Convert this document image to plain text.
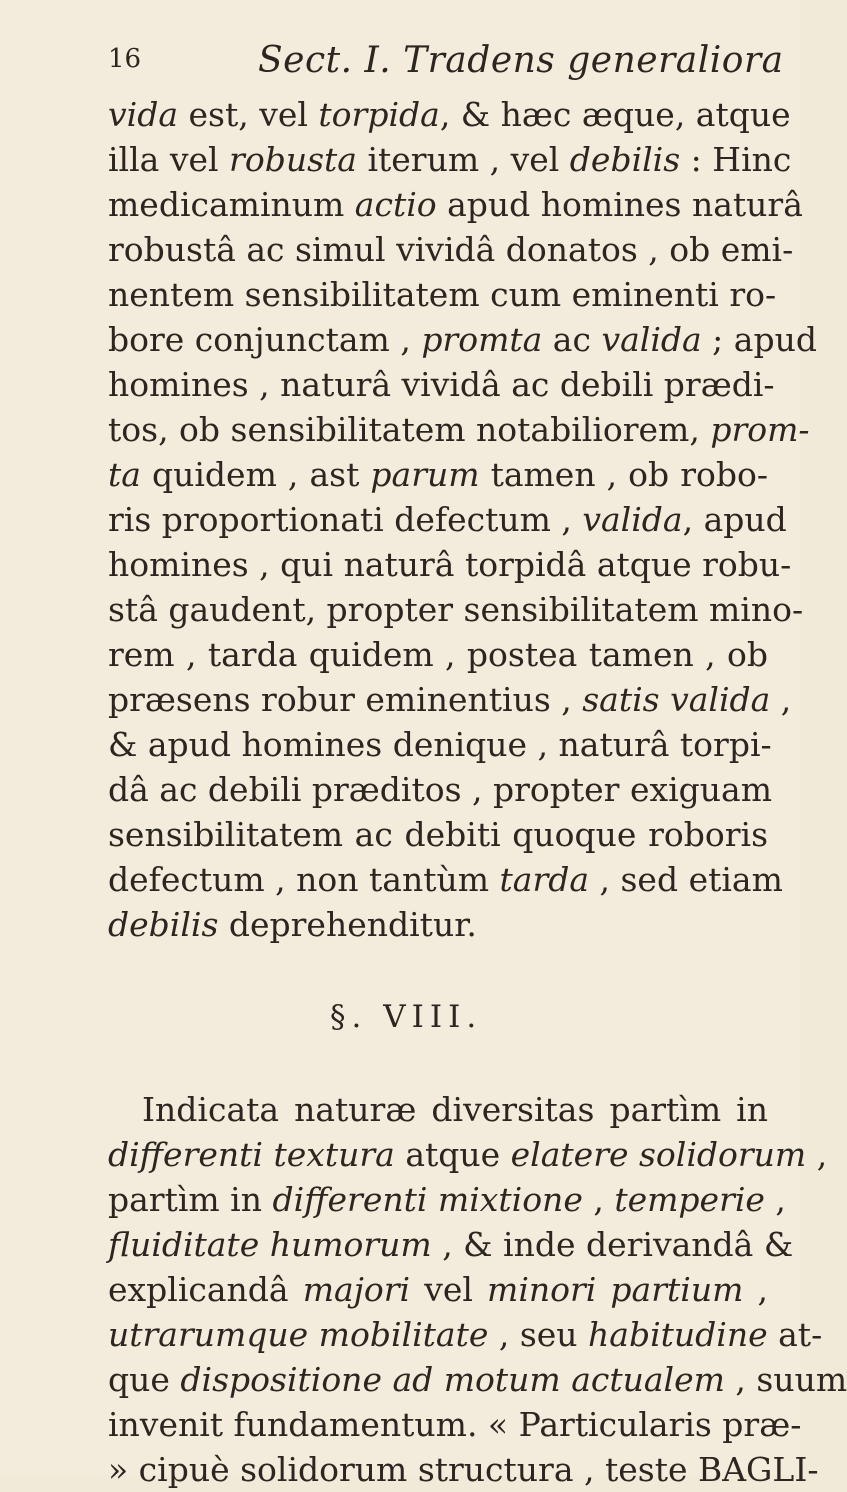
16	Sect. I. Tradens generaliora
vida est, vel torpida, & hæc æque, atque
illa vel robusta iterum , vel debilis : Hinc
medicaminum actio apud homines naturâ
robustâ ac simul vividâ donatos , ob emi-
nentem sensibilitatem cum eminenti ro-
bore conjunctam , promta ac valida ; apud
homines , naturâ vividâ ac debili prædi-
tos, ob sensibilitatem notabiliorem, prom-
ta quidem , ast parum tamen , ob robo-
ris proportionati defectum , valida, apud
homines , qui naturâ torpidâ atque robu-
stâ gaudent, propter sensibilitatem mino-
rem , tarda quidem , postea tamen , ob
præsens robur eminentius , satis valida ,
& apud homines denique , naturâ torpi-
dâ ac debili præditos , propter exiguam
sensibilitatem ac debiti quoque roboris
defectum , non tantùm tarda , sed etiam
debilis deprehenditur.
§. VIII.
Indicata naturæ diversitas partìm in
differenti textura atque elatere solidorum ,
partìm in differenti mixtione , temperie ,
fluiditate humorum , & inde derivandâ &
explicandâ majori vel minori partium ,
utrarumque mobilitate , seu habitudine at-
que dispositione ad motum actualem , suum
invenit fundamentum. « Particularis præ-
» cipuè solidorum structura , teste BAGLI-
